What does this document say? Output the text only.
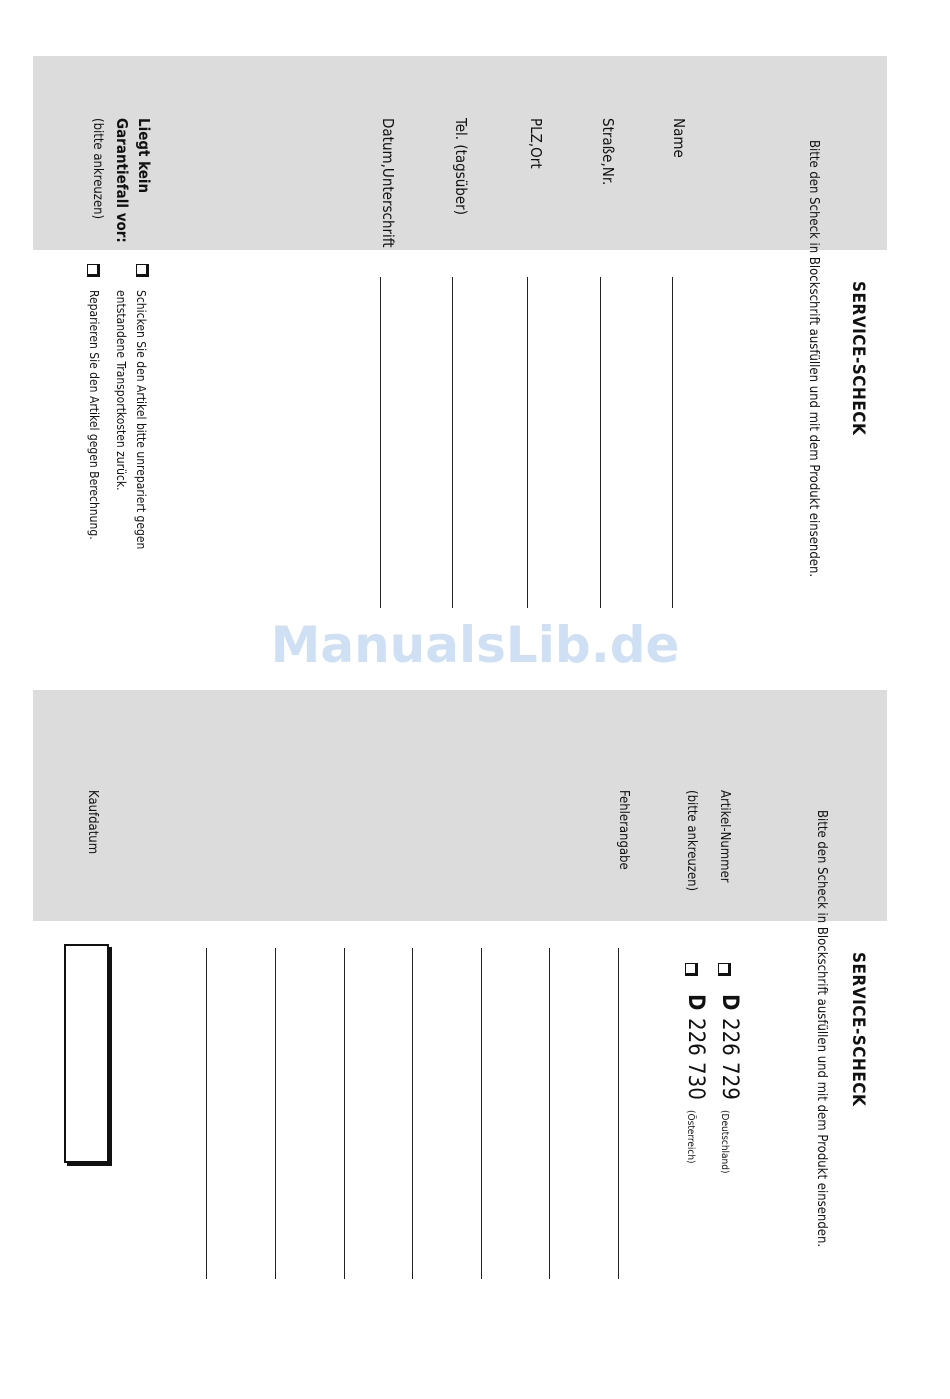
SERVICE-SCHECK
Bitte den Scheck in Blockschrift ausfüllen und mit dem Produkt einsenden.
Name
Straße,Nr.
PLZ,Ort
Tel. (tagsüber)
Datum,Unterschrift
Liegt kein
Garantiefall vor:
(bitte ankreuzen)
Schicken Sie den Artikel bitte unrepariert gegen
entstandene Transportkosten zurück.
Reparieren Sie den Artikel gegen Berechnung.
ManualsLib.de
SERVICE-SCHECK
Bitte den Scheck in Blockschrift ausfüllen und mit dem Produkt einsenden.
Artikel-Nummer
(bitte ankreuzen)
Fehlerangabe
Kaufdatum
D
226 729
(Deutschland)
D
226 730
(Österreich)
